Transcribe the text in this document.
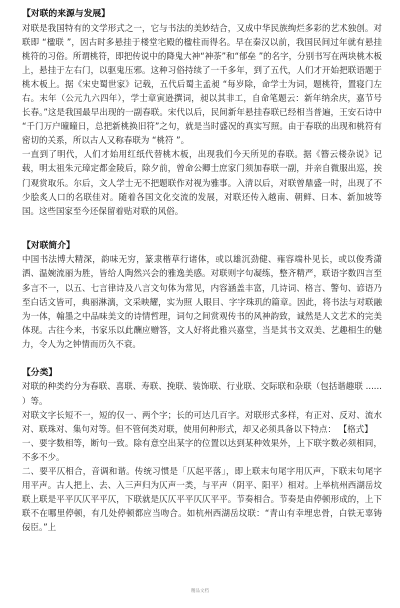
【对联的来源与发展】

对联是我国特有的文学形式之一，它与书法的美妙结合，又成中华民族绚烂多彩的艺术独创。对联即 “楹联 ”，因古时多悬挂于楼堂宅殿的楹柱而得名。早在秦汉以前，我国民间过年就有悬挂桃符的习俗。所谓桃符，即把传说中的降鬼大神“神荼”和“郁垒 ”的名字，分别书写在两块桃木板上，悬挂于左右门，以驱鬼压邪。这种习俗持续了一千多年，到了五代，人们才开始把联语题于桃木板上。据《宋史蜀世家》记载，五代后蜀主孟昶 “每岁除，命学士为词，题桃符，置寝门左右。末年（公元九六四年），学士章寅逊撰词，昶以其非工，自命笔题云：新年纳余庆，嘉节号长春。”这是我国最早出现的一副春联。宋代以后，民间新年悬挂春联已经相当普遍，王安石诗中 “千门万户曈曈日，总把新桃换旧符”之句，就是当时盛况的真实写照。由于春联的出现和桃符有密切的关系，所以古人又称春联为 “桃符 ”。

一直到了明代，人们才始用红纸代替桃木板，出现我们今天所见的春联。据《簪云楼杂说》记载，明太祖朱元璋定都金陵后，除夕前，曾命公卿士庶家门须加春联一副，并亲自微服出巡，挨门观赏取乐。尔后，文人学士无不把题联作对视为雅事。入清以后，对联曾鼎盛一时，出现了不少脍炙人口的名联佳对。随着各国文化交流的发展，对联还传入越南、朝鲜、日本、新加坡等国。这些国家至今还保留着贴对联的风俗。

【对联简介】

中国书法博大精深，韵味无穷，篆隶楷草行诸体，或以雄沉劲健、雍容端朴见长，或以俊秀潇洒、温婉流丽为胜，皆给人陶然兴会的雅逸美感。对联则字句凝练，整齐精严，联语字数四言至多言不一，以五、七言律诗及八言文句体为常见，内容涵盖丰富，几诗词、格言、警句、谚语乃至白话文皆可，典丽淋漓，文采映耀，实为照 人眼目、字字珠玑的篇章。因此，将书法与对联融为一体，翰墨之中品味美文的诗情哲理，词句之间赏观传书的风神韵致，诚然是人文艺术的完美体现。古往今来，书家乐以此酬应赠答，文人好将此雅兴嘉堂，当是其书文双美、艺趣相生的魅力，令人为之钟情而历久不衰。

【分类】

对联的种类约分为春联、喜联、寿联、挽联、装饰联、行业联、交际联和杂联（包括谐趣联 ...... ）等。

对联文字长短不一，短的仅一、两个字；长的可达几百字。对联形式多样，有正对、反对、流水对、联珠对、集句对等。但不管何类对联，使用何种形式，却又必须具备以下特点： 【格式】

一、要字数相等，断句一致。除有意空出某字的位置以达到某种效果外，上下联字数必须相同，不多不少。

二、要平仄相合，音调和谐。传统习惯是「仄起平落」，即上联末句尾字用仄声，下联末句尾字用平声。古人把上、去、入三声归为仄声一类，与平声（阴平、阳平）相对。上举杭州西湖岳坟联上联是平平仄仄平平仄，下联就是仄仄平平仄仄平平。节奏相合。节奏是由停顿形成的，上下联不在哪里停顿，有几处停顿都应当吻合。如杭州西湖岳坟联：“青山有幸埋忠骨，白铁无辜铸佞臣。”上

精品文档
